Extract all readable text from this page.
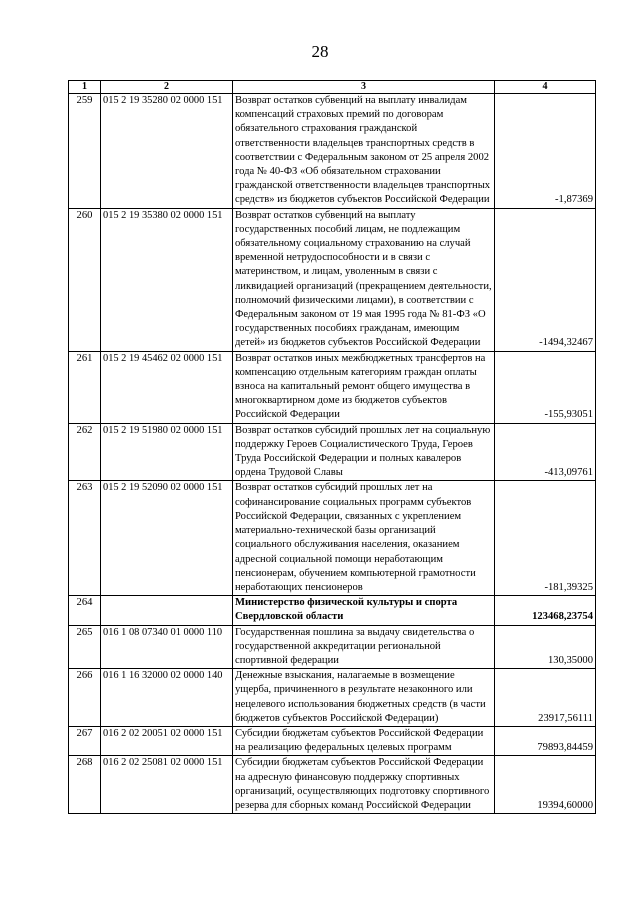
28
1	2	3	4
259	015 2 19 35280 02 0000 151	Возврат остатков субвенций на выплату инвалидам компенсаций страховых премий по договорам обязательного страхования гражданской ответственности владельцев транспортных средств в соответствии с Федеральным законом от 25 апреля 2002 года № 40-ФЗ «Об обязательном страховании гражданской ответственности владельцев транспортных средств» из бюджетов субъектов Российской Федерации	-1,87369
260	015 2 19 35380 02 0000 151	Возврат остатков субвенций на выплату государственных пособий лицам, не подлежащим обязательному социальному страхованию на случай временной нетрудоспособности и в связи с материнством, и лицам, уволенным в связи с ликвидацией организаций (прекращением деятельности, полномочий физическими лицами), в соответствии с Федеральным законом от 19 мая 1995 года № 81-ФЗ «О государственных пособиях гражданам, имеющим детей» из бюджетов субъектов Российской Федерации	-1494,32467
261	015 2 19 45462 02 0000 151	Возврат остатков иных межбюджетных трансфертов на компенсацию отдельным категориям граждан оплаты взноса на капитальный ремонт общего имущества в многоквартирном доме из бюджетов субъектов Российской Федерации	-155,93051
262	015 2 19 51980 02 0000 151	Возврат остатков субсидий прошлых лет на социальную поддержку Героев Социалистического Труда, Героев Труда Российской Федерации и полных кавалеров ордена Трудовой Славы	-413,09761
263	015 2 19 52090 02 0000 151	Возврат остатков субсидий прошлых лет на софинансирование социальных программ субъектов Российской Федерации, связанных с укреплением материально-технической базы организаций социального обслуживания населения, оказанием адресной социальной помощи неработающим пенсионерам, обучением компьютерной грамотности неработающих пенсионеров	-181,39325
264		Министерство физической культуры и спорта Свердловской области	123468,23754
265	016 1 08 07340 01 0000 110	Государственная пошлина за выдачу свидетельства о государственной аккредитации региональной спортивной федерации	130,35000
266	016 1 16 32000 02 0000 140	Денежные взыскания, налагаемые в возмещение ущерба, причиненного в результате незаконного или нецелевого использования бюджетных средств (в части бюджетов субъектов Российской Федерации)	23917,56111
267	016 2 02 20051 02 0000 151	Субсидии бюджетам субъектов Российской Федерации на реализацию федеральных целевых программ	79893,84459
268	016 2 02 25081 02 0000 151	Субсидии бюджетам субъектов Российской Федерации на адресную финансовую поддержку спортивных организаций, осуществляющих подготовку спортивного резерва для сборных команд Российской Федерации	19394,60000
